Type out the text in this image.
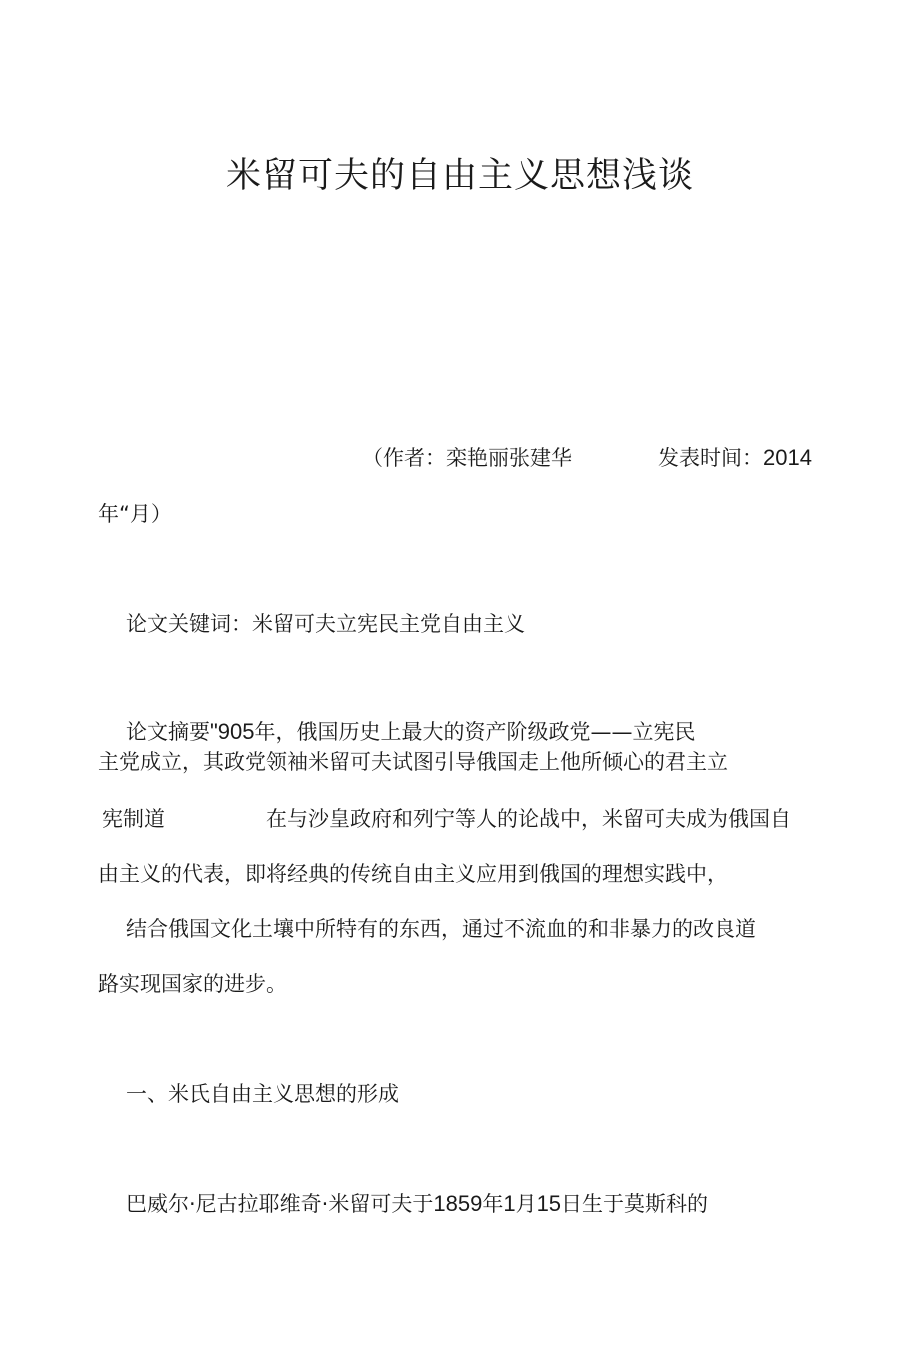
米留可夫的自由主义思想浅谈
（作者：栾艳丽张建华	发表时间：2014
年“月）
论文关键词：米留可夫立宪民主党自由主义
论文摘要"905年，俄国历史上最大的资产阶级政党——立宪民
主党成立，其政党领袖米留可夫试图引导俄国走上他所倾心的君主立
宪制道	在与沙皇政府和列宁等人的论战中，米留可夫成为俄国自
由主义的代表，即将经典的传统自由主义应用到俄国的理想实践中，
结合俄国文化土壤中所特有的东西，通过不流血的和非暴力的改良道
路实现国家的进步。
一、米氏自由主义思想的形成
巴威尔·尼古拉耶维奇·米留可夫于1859年1月15日生于莫斯科的
